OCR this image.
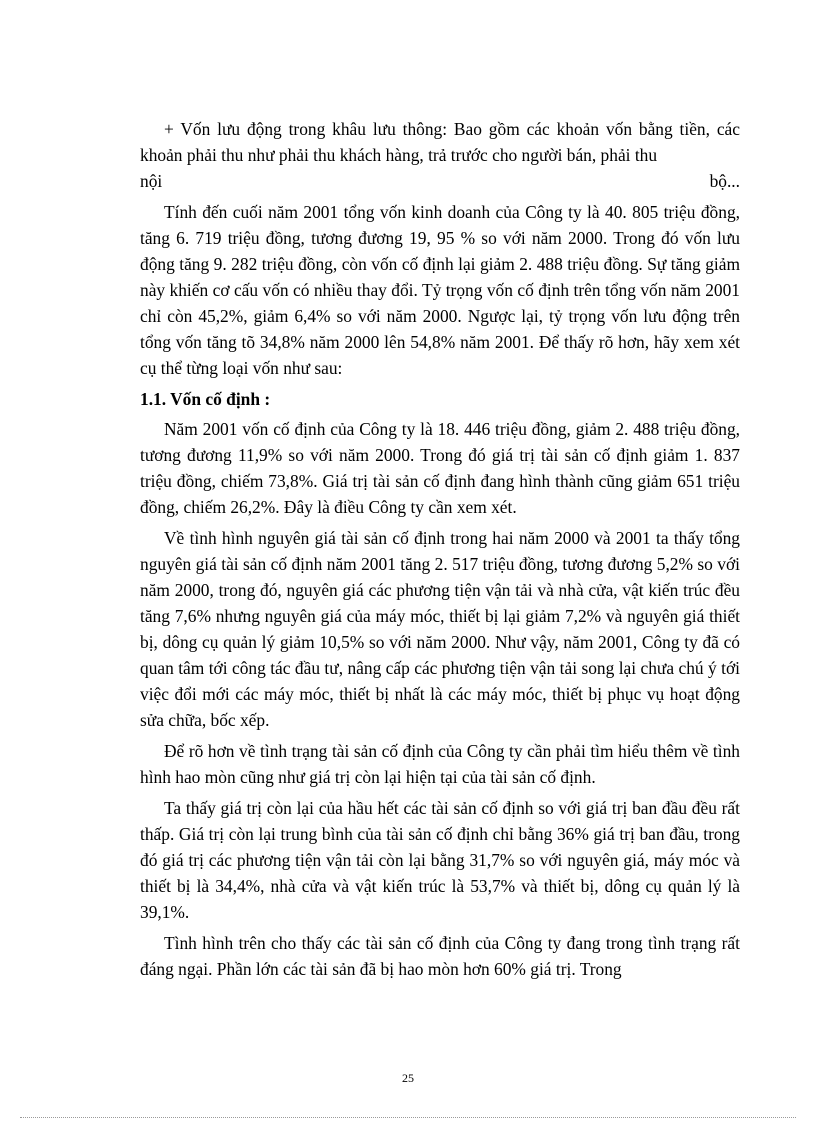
+ Vốn lưu động trong khâu lưu thông: Bao gồm các khoản vốn bằng tiền, các khoản phải thu như phải thu khách hàng, trả trước cho người bán, phải thu

nội	bộ...

Tính đến cuối năm 2001 tổng vốn kinh doanh của Công ty là 40. 805 triệu đồng, tăng 6. 719 triệu đồng, tương đương 19, 95 % so với năm 2000. Trong đó vốn lưu động tăng 9. 282 triệu đồng, còn vốn cố định lại giảm 2. 488 triệu đồng. Sự tăng giảm này khiến cơ cấu vốn có nhiều thay đổi. Tỷ trọng vốn cố định trên tổng vốn năm 2001 chỉ còn 45,2%, giảm 6,4% so với năm 2000. Ngược lại, tỷ trọng vốn lưu động trên tổng vốn tăng tõ 34,8% năm 2000 lên 54,8% năm 2001. Để thấy rõ hơn, hãy xem xét cụ thể từng loại vốn như sau:

1.1. Vốn cố định :

Năm 2001 vốn cố định của Công ty là 18. 446 triệu đồng, giảm 2. 488 triệu đồng, tương đương 11,9% so với năm 2000. Trong đó giá trị tài sản cố định giảm 1. 837 triệu đồng, chiếm 73,8%. Giá trị tài sản cố định đang hình thành cũng giảm 651 triệu đồng, chiếm 26,2%. Đây là điều Công ty cần xem xét.

Về tình hình nguyên giá tài sản cố định trong hai năm 2000 và 2001 ta thấy tổng nguyên giá tài sản cố định năm 2001 tăng 2. 517 triệu đồng, tương đương 5,2% so với năm 2000, trong đó, nguyên giá các phương tiện vận tải và nhà cửa, vật kiến trúc đều tăng 7,6% nhưng nguyên giá của máy móc, thiết bị lại giảm 7,2% và nguyên giá thiết bị, dông cụ quản lý giảm 10,5% so với năm 2000. Như vậy, năm 2001, Công ty đã có quan tâm tới công tác đầu tư, nâng cấp các phương tiện vận tải song lại chưa chú ý tới việc đổi mới các máy móc, thiết bị nhất là các máy móc, thiết bị phục vụ hoạt động sửa chữa, bốc xếp.

Để rõ hơn về tình trạng tài sản cố định của Công ty cần phải tìm hiểu thêm về tình hình hao mòn cũng như giá trị còn lại hiện tại của tài sản cố định.

Ta thấy giá trị còn lại của hầu hết các tài sản cố định so với giá trị ban đầu đều rất thấp. Giá trị còn lại trung bình của tài sản cố định chỉ bằng 36% giá trị ban đầu, trong đó giá trị các phương tiện vận tải còn lại bằng 31,7% so với nguyên giá, máy móc và thiết bị là 34,4%, nhà cửa và vật kiến trúc là 53,7% và thiết bị, dông cụ quản lý là 39,1%.

Tình hình trên cho thấy các tài sản cố định của Công ty đang trong tình trạng rất đáng ngại. Phần lớn các tài sản đã bị hao mòn hơn 60% giá trị. Trong

25
